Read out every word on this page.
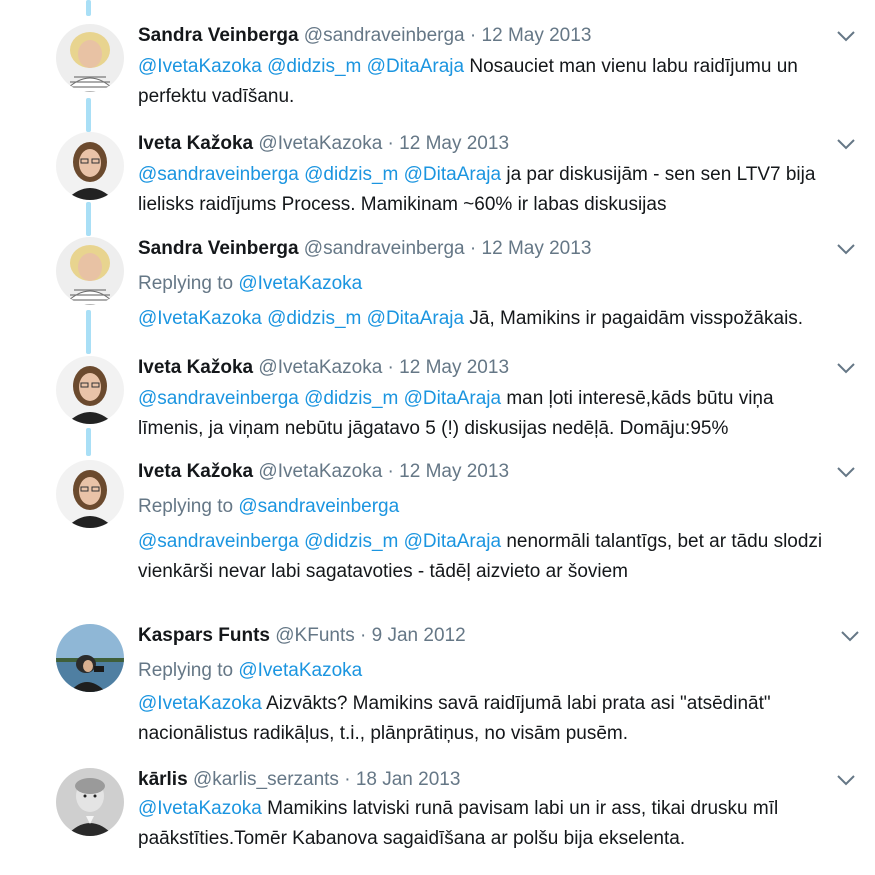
Sandra Veinberga @sandraveinberga · 12 May 2013
@IvetaKazoka @didzis_m @DitaAraja Nosauciet man vienu labu raidījumu un
perfektu vadīšanu.
Iveta Kažoka @IvetaKazoka · 12 May 2013
@sandraveinberga @didzis_m @DitaAraja ja par diskusijām - sen sen LTV7 bija
lielisks raidījums Process. Mamikinam ~60% ir labas diskusijas
Sandra Veinberga @sandraveinberga · 12 May 2013
Replying to @IvetaKazoka
@IvetaKazoka @didzis_m @DitaAraja Jā, Mamikins ir pagaidām visspožākais.
Iveta Kažoka @IvetaKazoka · 12 May 2013
@sandraveinberga @didzis_m @DitaAraja man ļoti interesē,kāds būtu viņa
līmenis, ja viņam nebūtu jāgatavo 5 (!) diskusijas nedēļā. Domāju:95%
Iveta Kažoka @IvetaKazoka · 12 May 2013
Replying to @sandraveinberga
@sandraveinberga @didzis_m @DitaAraja nenormāli talantīgs, bet ar tādu slodzi
vienkārši nevar labi sagatavoties - tādēļ aizvieto ar šoviem
Kaspars Funts @KFunts · 9 Jan 2012
Replying to @IvetaKazoka
@IvetaKazoka Aizvākts? Mamikins savā raidījumā labi prata asi "atsēdināt"
nacionālistus radikāļus, t.i., plānprātiņus, no visām pusēm.
kārlis @karlis_serzants · 18 Jan 2013
@IvetaKazoka Mamikins latviski runā pavisam labi un ir ass, tikai drusku mīl
paākstīties.Tomēr Kabanova sagaidīšana ar polšu bija ekselenta.
